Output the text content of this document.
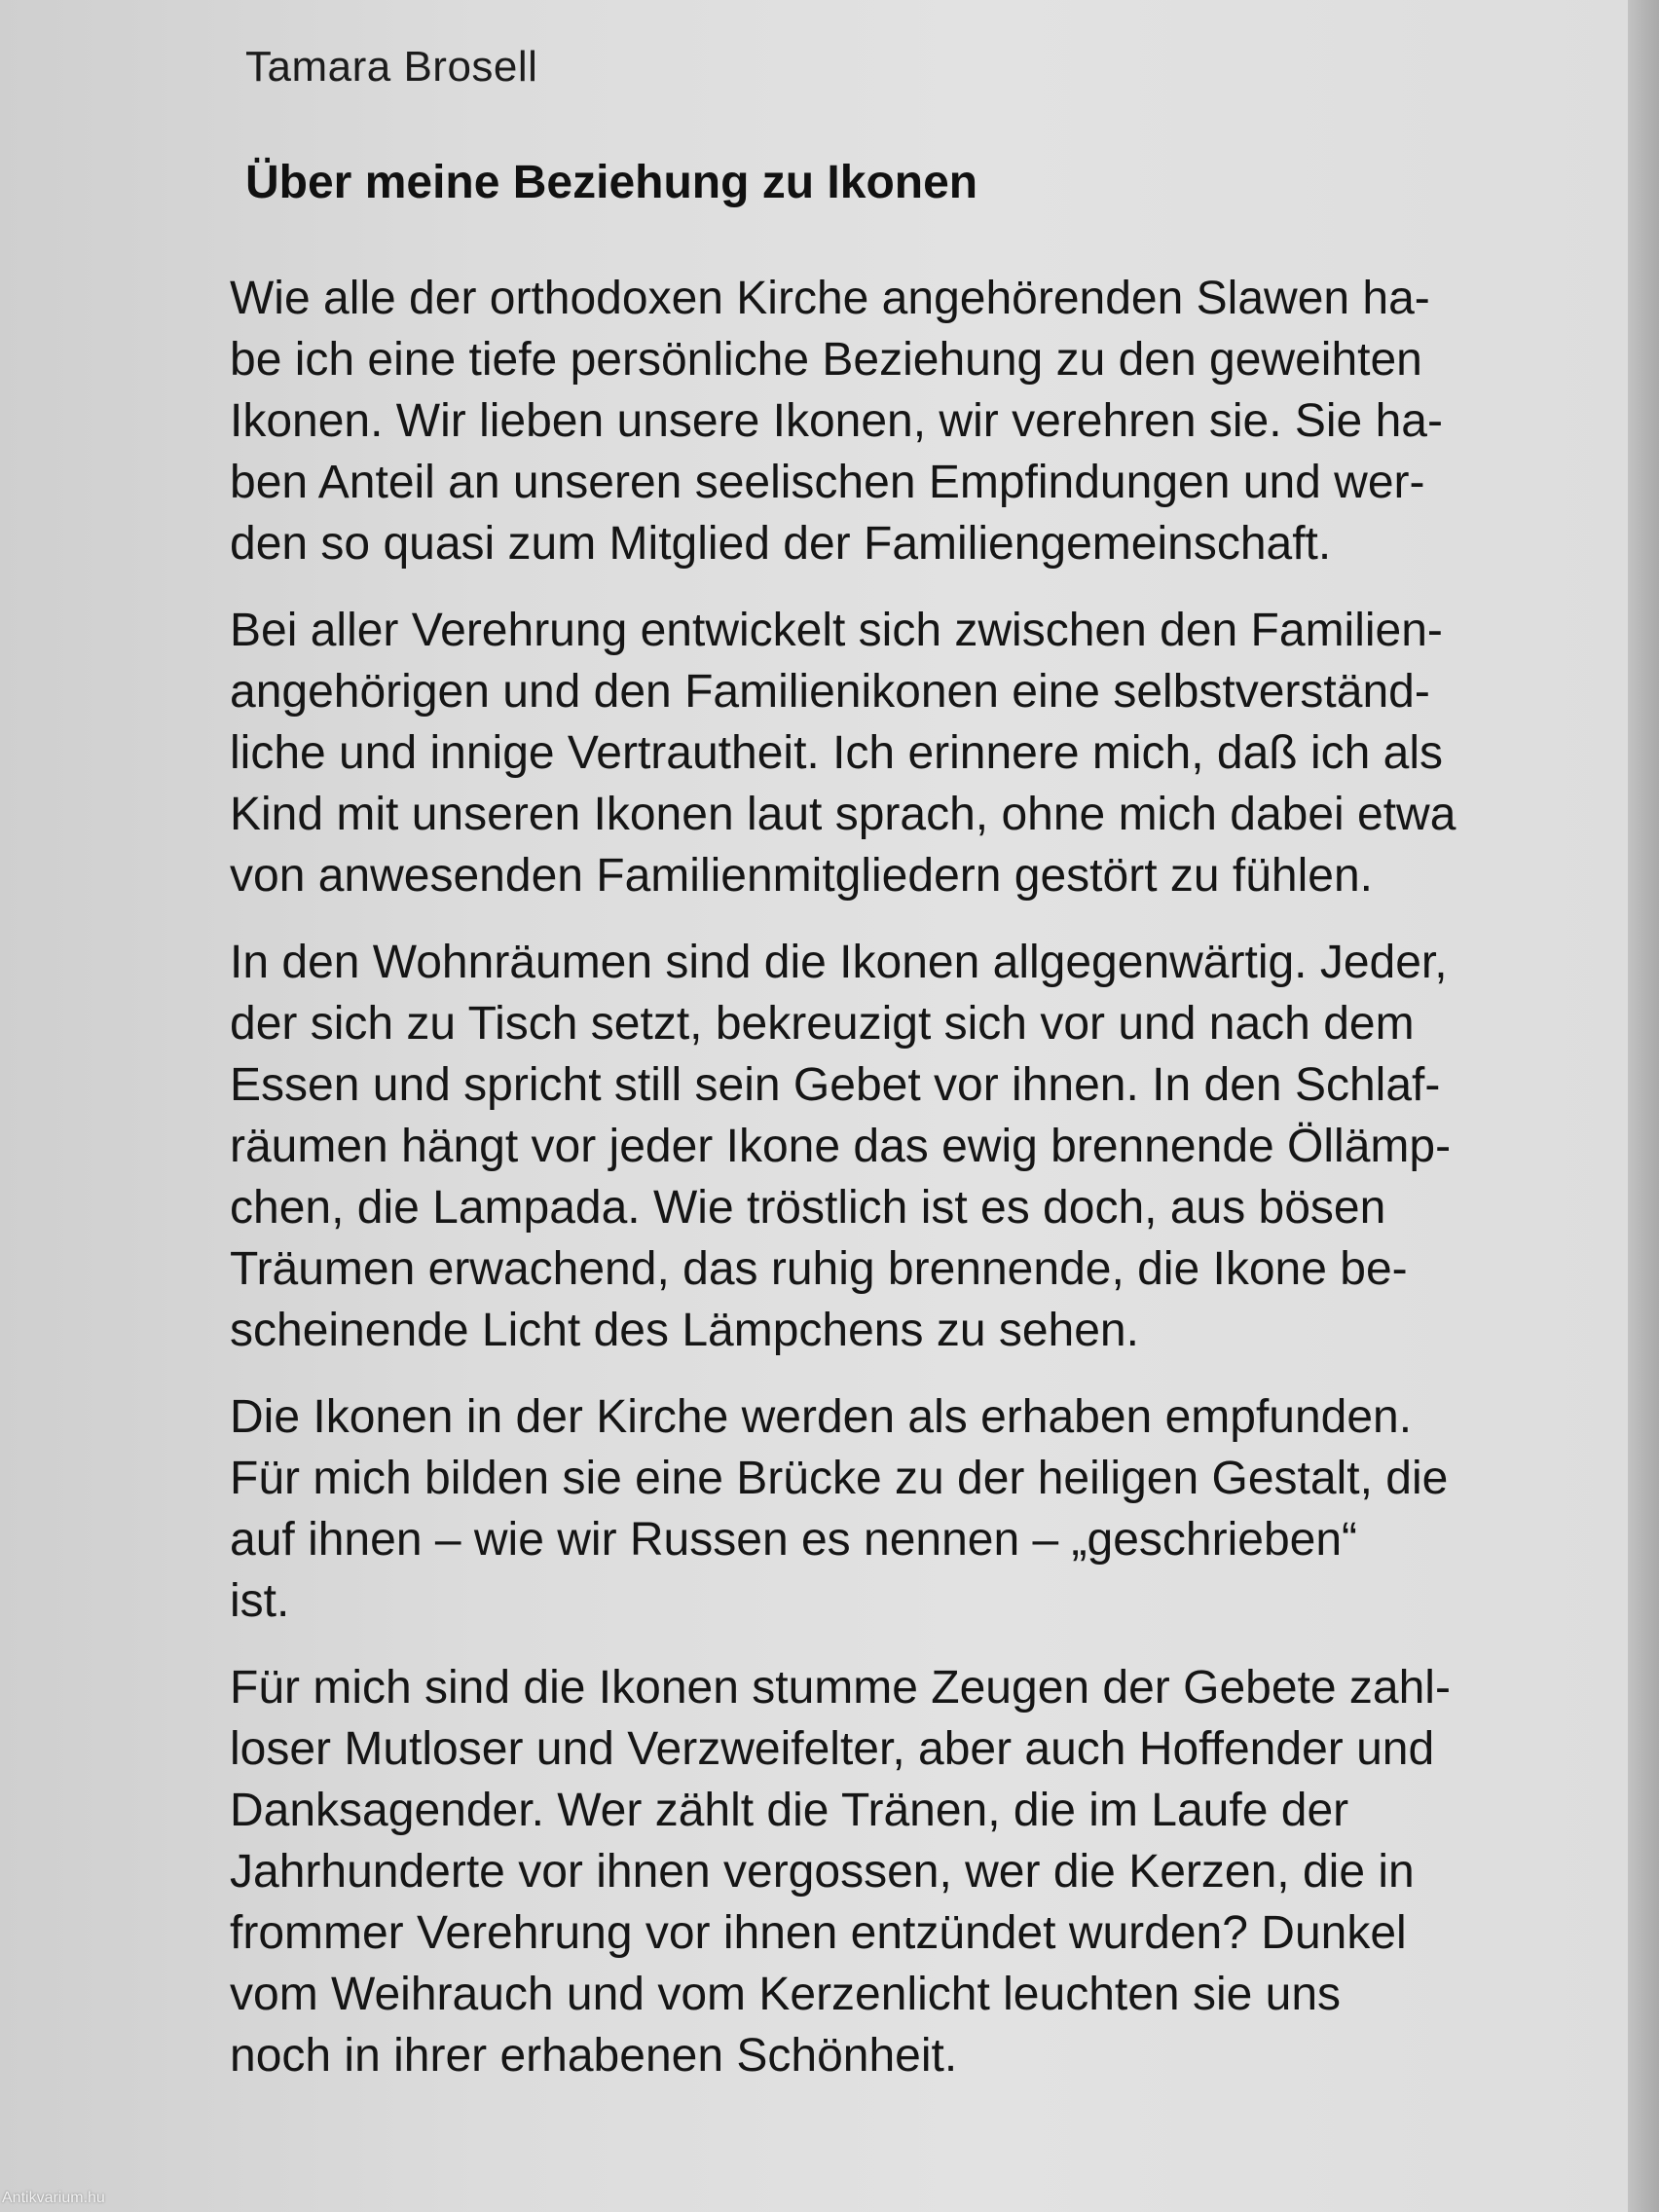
Tamara Brosell
Über meine Beziehung zu Ikonen

Wie alle der orthodoxen Kirche angehörenden Slawen ha-
be ich eine tiefe persönliche Beziehung zu den geweihten
Ikonen. Wir lieben unsere Ikonen, wir verehren sie. Sie ha-
ben Anteil an unseren seelischen Empfindungen und wer-
den so quasi zum Mitglied der Familiengemeinschaft.

Bei aller Verehrung entwickelt sich zwischen den Familien-
angehörigen und den Familienikonen eine selbstverständ-
liche und innige Vertrautheit. Ich erinnere mich, daß ich als
Kind mit unseren Ikonen laut sprach, ohne mich dabei etwa
von anwesenden Familienmitgliedern gestört zu fühlen.

In den Wohnräumen sind die Ikonen allgegenwärtig. Jeder,
der sich zu Tisch setzt, bekreuzigt sich vor und nach dem
Essen und spricht still sein Gebet vor ihnen. In den Schlaf-
räumen hängt vor jeder Ikone das ewig brennende Öllämp-
chen, die Lampada. Wie tröstlich ist es doch, aus bösen
Träumen erwachend, das ruhig brennende, die Ikone be-
scheinende Licht des Lämpchens zu sehen.

Die Ikonen in der Kirche werden als erhaben empfunden.
Für mich bilden sie eine Brücke zu der heiligen Gestalt, die
auf ihnen – wie wir Russen es nennen – „geschrieben“
ist.

Für mich sind die Ikonen stumme Zeugen der Gebete zahl-
loser Mutloser und Verzweifelter, aber auch Hoffender und
Danksagender. Wer zählt die Tränen, die im Laufe der
Jahrhunderte vor ihnen vergossen, wer die Kerzen, die in
frommer Verehrung vor ihnen entzündet wurden? Dunkel
vom Weihrauch und vom Kerzenlicht leuchten sie uns
noch in ihrer erhabenen Schönheit.

Antikvarium.hu
